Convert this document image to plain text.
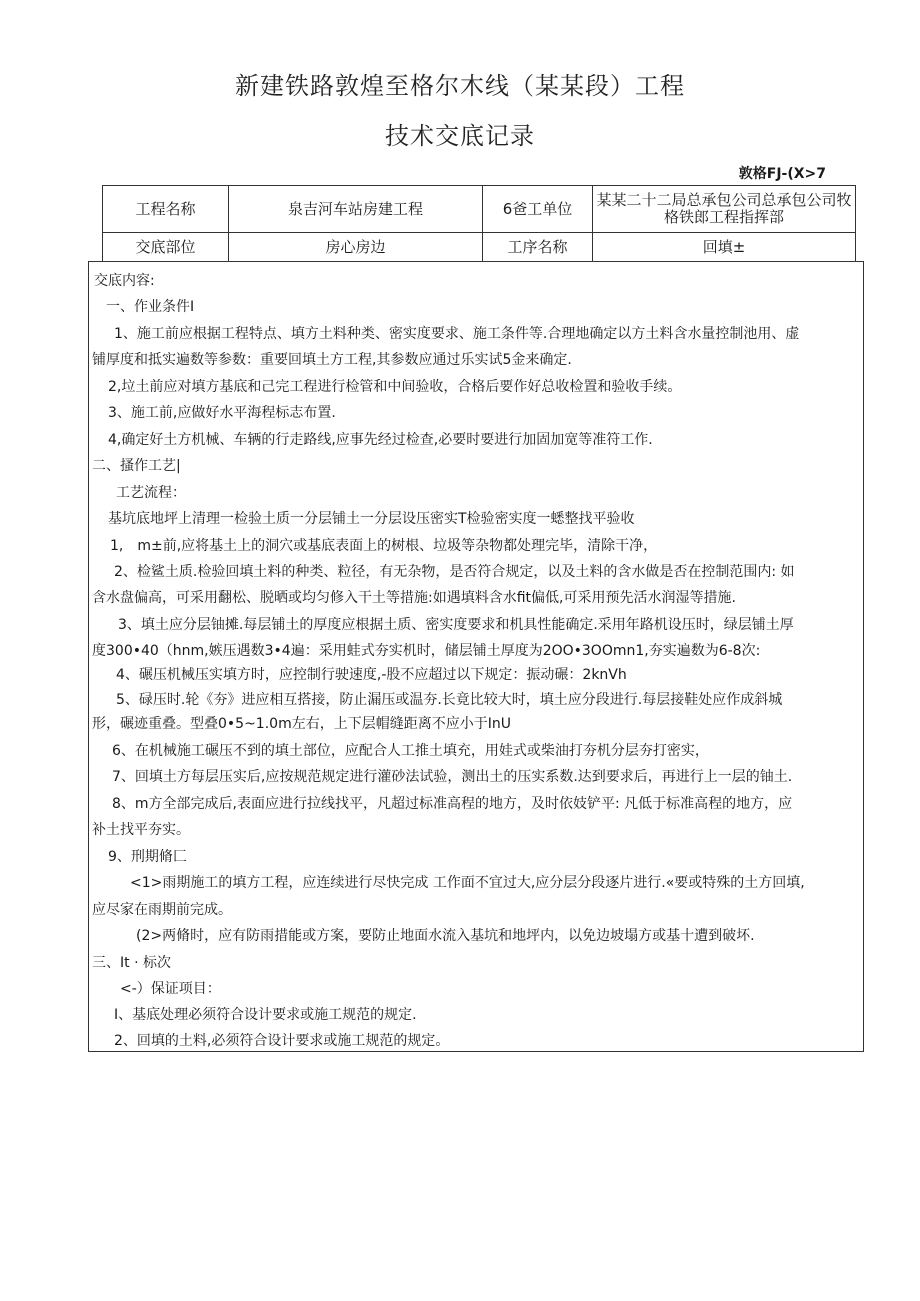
新建铁路敦煌至格尔木线（某某段）工程
技术交底记录
敦格FJ-(X>7
工程名称	泉吉河车站房建工程	6爸工单位	某某二十二局总承包公司总承包公司牧格铁郎工程指挥部
交底部位	房心房边	工序名称	回填±
交底内容:
一、作业条件I
1、施工前应根据工程特点、填方土料种类、密实度要求、施工条件等.合理地确定以方土料含水量控制池用、虚
铺厚度和抵实遍数等参数：重要回填土方工程,其参数应通过乐实试5金来确定.
2,垃土前应对填方基底和己完工程进行检管和中间验收，合格后要作好总收检置和验收手续。
3、施工前,应做好水平海程标志布置.
4,确定好土方机械、车辆的行走路线,应事先经过检查,必要时要进行加固加宽等准符工作.
二、搔作工艺|
工艺流程：
基坑底地坪上清理一检验土质一分层铺土一分层设压密实T检验密实度一蟋整找平验收
1, m±前,应将基土上的洞穴或基底表面上的树根、垃圾等杂物都处理完毕，清除干净，
2、检鲨土质.检验回填土料的种类、粒径，有无杂物，是否符合规定，以及土料的含水做是否在控制范围内: 如
含水盘偏高，可采用翻松、脱晒或均匀修入干土等措施:如遇填料含水fit偏低,可采用预先活水润湿等措施.
3、填土应分层铀摊.每层铺土的厚度应根据土质、密实度要求和机具性能确定.采用年路机设压时，绿层铺土厚
度300•40（hnm,嫉压遇数3•4遍：采用蛙式夯实机时，储层铺土厚度为2OO•3OOmn1,夯实遍数为6-8次:
4、碾压机械压实填方时，应控制行驶速度,-股不应超过以下规定：振动碾：2knVh
5、碌压时.轮《夯》进应相互搭接，防止漏压或温夯.长竟比较大时，填土应分段进行.每层接鞋处应作成斜城
形，碾迹重叠。型叠0•5~1.0m左右，上下层帽缝距离不应小于InU
6、在机械施工碾压不到的填土部位，应配合人工推土填充，用娃式或柴油打夯机分层夯打密实，
7、回填土方每层压实后,应按规范规定进行灌砂法试验，测出土的压实系数.达到要求后，再进行上一层的铀土.
8、m方全部完成后,表面应进行拉线找平，凡超过标准高程的地方，及时依妓铲平: 凡低于标准高程的地方，应
补土找平夯实。
9、刑期脩匚
<1>雨期施工的填方工程，应连续进行尽快完成 工作面不宜过大,应分层分段逐片进行.«要或特殊的土方回填,
应尽家在雨期前完成。
(2>两脩时，应有防雨措能或方案，要防止地面水流入基坑和地坪内，以免边坡塌方或基十遭到破坏.
三、It · 标次
<-）保证项目：
I、基底处理必须符合设计要求或施工规范的规定.
2、回填的土料,必须符合设计要求或施工规范的规定。
